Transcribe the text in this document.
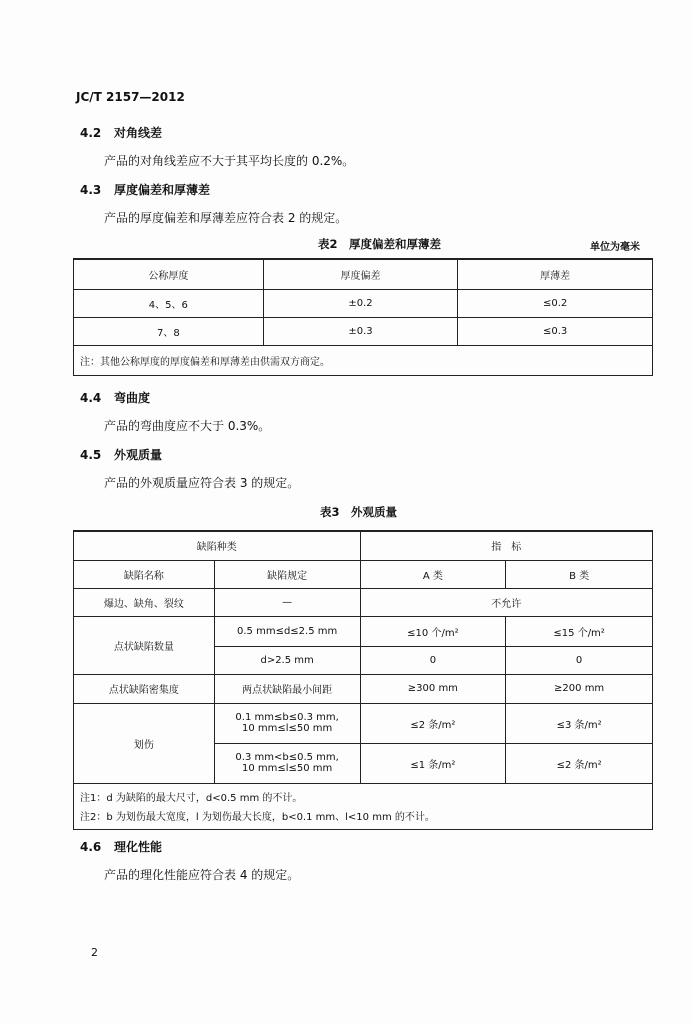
JC/T 2157—2012
4.2 对角线差
产品的对角线差应不大于其平均长度的 0.2%。
4.3 厚度偏差和厚薄差
产品的厚度偏差和厚薄差应符合表 2 的规定。
表2　厚度偏差和厚薄差	单位为毫米
公称厚度	厚度偏差	厚薄差
4、5、6	±0.2	≤0.2
7、8	±0.3	≤0.3
注：其他公称厚度的厚度偏差和厚薄差由供需双方商定。		
4.4 弯曲度
产品的弯曲度应不大于 0.3%。
4.5 外观质量
产品的外观质量应符合表 3 的规定。
表3　外观质量
缺陷种类		指　标	
缺陷名称	缺陷规定	A 类	B 类
爆边、缺角、裂纹	—	不允许	
点状缺陷数量	0.5 mm≤d≤2.5 mm	≤10 个/m²	≤15 个/m²
	d>2.5 mm	0	0
点状缺陷密集度	两点状缺陷最小间距	≥300 mm	≥200 mm
划伤	0.1 mm≤b≤0.3 mm,
10 mm≤l≤50 mm	≤2 条/m²	≤3 条/m²

	0.3 mm<b≤0.5 mm,
10 mm≤l≤50 mm	≤1 条/m²	≤2 条/m²

注1：d 为缺陷的最大尺寸，d<0.5 mm 的不计。
注2：b 为划伤最大宽度，l 为划伤最大长度，b<0.1 mm、l<10 mm 的不计。			
4.6 理化性能
产品的理化性能应符合表 4 的规定。
2
